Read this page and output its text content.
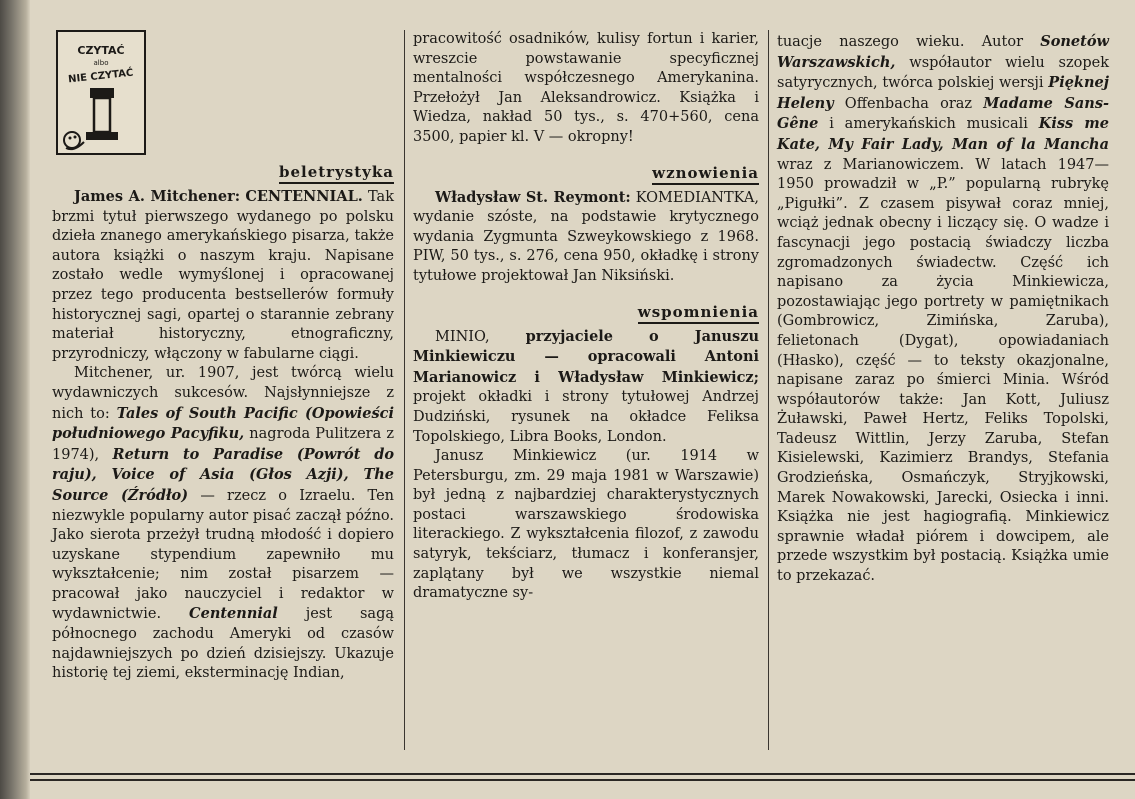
CZYTAĆ
albo
NIE CZYTAĆ
beletrystyka

James A. Mitchener: CENTENNIAL. Tak brzmi tytuł pierwszego wydanego po polsku dzieła znanego amerykańskiego pisarza, także autora książki o naszym kraju. Napisane zostało wedle wymyślonej i opracowanej przez tego producenta bestsellerów formuły historycznej sagi, opartej o starannie zebrany materiał historyczny, etnograficzny, przyrodniczy, włączony w fabularne ciągi.

Mitchener, ur. 1907, jest twórcą wielu wydawniczych sukcesów. Najsłynniejsze z nich to: Tales of South Pacific (Opowieści południowego Pacyfiku, nagroda Pulitzera z 1974), Return to Paradise (Powrót do raju), Voice of Asia (Głos Azji), The Source (Źródło) — rzecz o Izraelu. Ten niezwykle popularny autor pisać zaczął późno. Jako sierota przeżył trudną młodość i dopiero uzyskane stypendium zapewniło mu wykształcenie; nim został pisarzem — pracował jako nauczyciel i redaktor w wydawnictwie. Centennial jest sagą północnego zachodu Ameryki od czasów najdawniejszych po dzień dzisiejszy. Ukazuje historię tej ziemi, eksterminację Indian,

pracowitość osadników, kulisy fortun i karier, wreszcie powstawanie specyficznej mentalności współczesnego Amerykanina. Przełożył Jan Aleksandrowicz. Książka i Wiedza, nakład 50 tys., s. 470+560, cena 3500, papier kl. V — okropny!

wznowienia

Władysław St. Reymont: KOMEDIANTKA, wydanie szóste, na podstawie krytycznego wydania Zygmunta Szweykowskiego z 1968. PIW, 50 tys., s. 276, cena 950, okładkę i strony tytułowe projektował Jan Niksiński.

wspomnienia

MINIO, przyjaciele o Januszu Minkiewiczu — opracowali Antoni Marianowicz i Władysław Minkiewicz; projekt okładki i strony tytułowej Andrzej Dudziński, rysunek na okładce Feliksa Topolskiego, Libra Books, London.

Janusz Minkiewicz (ur. 1914 w Petersburgu, zm. 29 maja 1981 w Warszawie) był jedną z najbardziej charakterystycznych postaci warszawskiego środowiska literackiego. Z wykształcenia filozof, z zawodu satyryk, tekściarz, tłumacz i konferansjer, zaplątany był we wszystkie niemal dramatyczne sy-

tuacje naszego wieku. Autor Sonetów Warszawskich, współautor wielu szopek satyrycznych, twórca polskiej wersji Pięknej Heleny Offenbacha oraz Madame Sans-Gêne i amerykańskich musicali Kiss me Kate, My Fair Lady, Man of la Mancha wraz z Marianowiczem. W latach 1947—1950 prowadził w „P.” popularną rubrykę „Pigułki”. Z czasem pisywał coraz mniej, wciąż jednak obecny i liczący się. O wadze i fascynacji jego postacią świadczy liczba zgromadzonych świadectw. Część ich napisano za życia Minkiewicza, pozostawiając jego portrety w pamiętnikach (Gombrowicz, Zimińska, Zaruba), felietonach (Dygat), opowiadaniach (Hłasko), część — to teksty okazjonalne, napisane zaraz po śmierci Minia. Wśród współautorów także: Jan Kott, Juliusz Żuławski, Paweł Hertz, Feliks Topolski, Tadeusz Wittlin, Jerzy Zaruba, Stefan Kisielewski, Kazimierz Brandys, Stefania Grodzieńska, Osmańczyk, Stryjkowski, Marek Nowakowski, Jarecki, Osiecka i inni. Książka nie jest hagiografią. Minkiewicz sprawnie władał piórem i dowcipem, ale przede wszystkim był postacią. Książka umie to przekazać.
